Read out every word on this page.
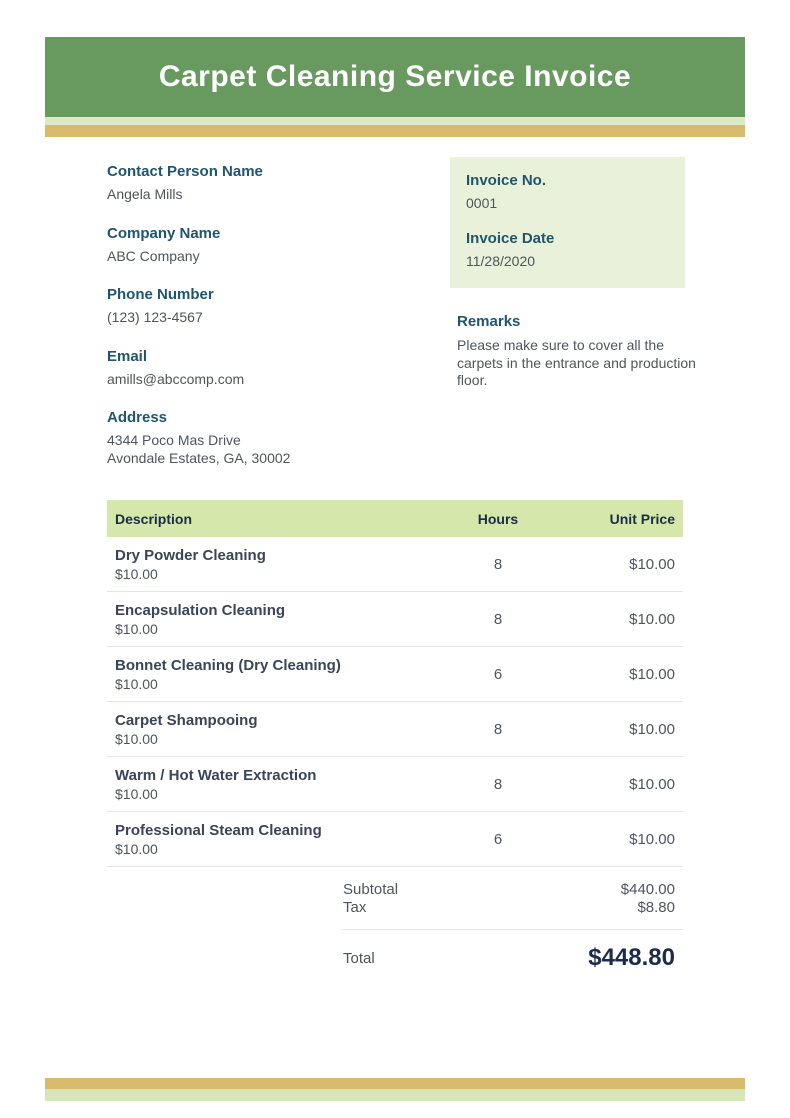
Carpet Cleaning Service Invoice
Contact Person Name
Angela Mills
Company Name
ABC Company
Phone Number
(123) 123-4567
Email
amills@abccomp.com
Address
4344 Poco Mas Drive
Avondale Estates, GA, 30002
Invoice No.
0001
Invoice Date
11/28/2020
Remarks
Please make sure to cover all the carpets in the entrance and production floor.
Description	Hours	Unit Price
Dry Powder Cleaning
$10.00
8	$10.00
Encapsulation Cleaning
$10.00
8	$10.00
Bonnet Cleaning (Dry Cleaning)
$10.00
6	$10.00
Carpet Shampooing
$10.00
8	$10.00
Warm / Hot Water Extraction
$10.00
8	$10.00
Professional Steam Cleaning
$10.00
6	$10.00
Subtotal	$440.00
Tax	$8.80
Total	$448.80
